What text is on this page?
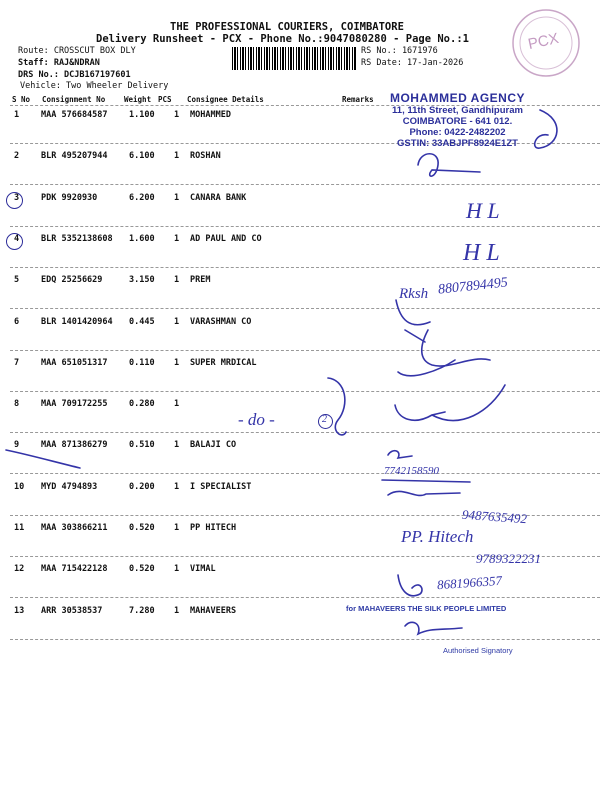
PCX
THE PROFESSIONAL COURIERS, COIMBATORE
Delivery Runsheet - PCX - Phone No.:9047080280 - Page No.:1
Route: CROSSCUT BOX DLY
Staff: RAJ&NDRAN
DRS No.: DCJB167197601
Vehicle: Two Wheeler Delivery
RS No.: 1671976
RS Date: 17-Jan-2026
S No Consignment No	Weight PCS Consignee Details	Remarks
1	MAA 576684587	1.100 1 MOHAMMED
2	BLR 495207944	6.100 1 ROSHAN
3	PDK 9920930	6.200 1 CANARA BANK
4	BLR 5352138608 1.600 1 AD PAUL AND CO
5	EDQ 25256629	3.150 1 PREM
6	BLR 1401420964 0.445 1 VARASHMAN CO
7	MAA 651051317	0.110 1 SUPER MRDICAL
8	MAA 709172255	0.280 1
9	MAA 871386279	0.510 1 BALAJI CO
10 MYD 4794893	0.200 1 I SPECIALIST
11 MAA 303866211	0.520 1 PP HITECH
12 MAA 715422128	0.520 1 VIMAL
13 ARR 30538537	7.280 1 MAHAVEERS
MOHAMMED AGENCY
11, 11th Street, Gandhipuram
COIMBATORE - 641 012.
Phone: 0422-2482202
GSTIN: 33ABJPF8924E1ZT
H L
H L
Rksh 8807894495
- do -	2
7742158590
9487635492
PP. Hitech
9789322231
8681966357
for MAHAVEERS THE SILK PEOPLE LIMITED
Authorised Signatory
